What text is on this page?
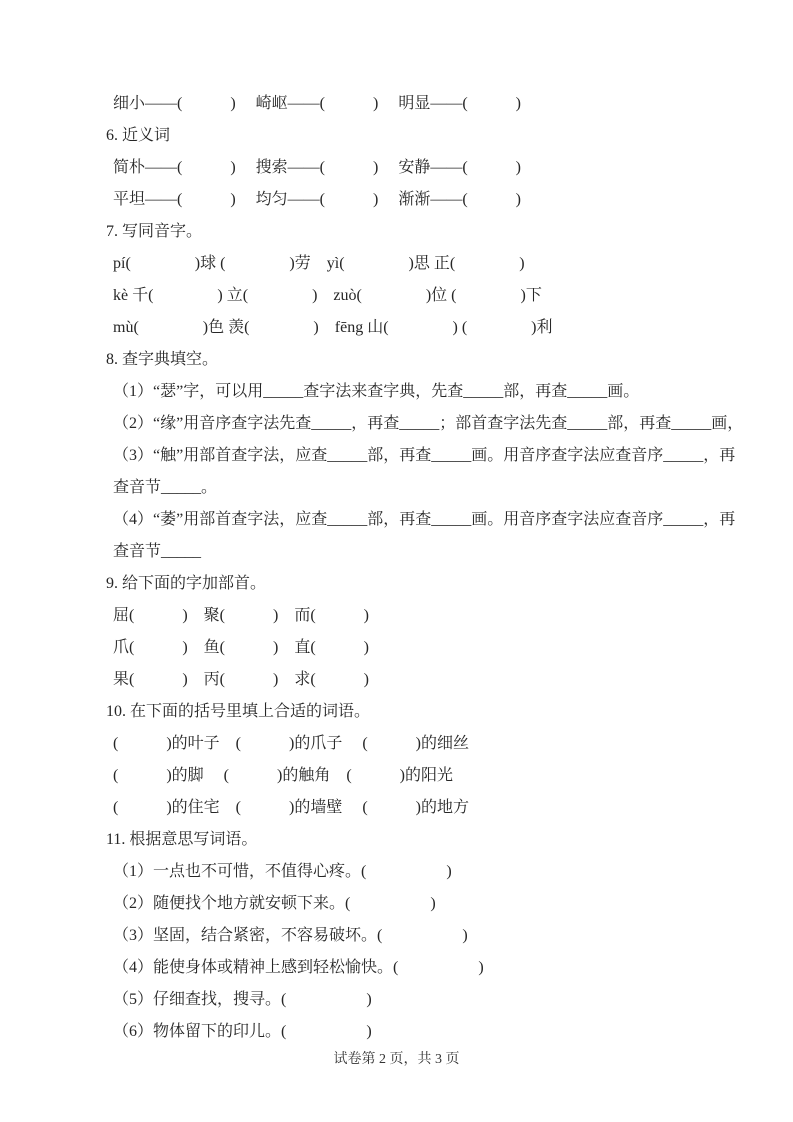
细小——(　　　)　 崎岖——(　　　)　 明显——(　　　)

6. 近义词

简朴——(　　　)　 搜索——(　　　)　 安静——(　　　)

平坦——(　　　)　 均匀——(　　　)　 渐渐——(　　　)

7. 写同音字。

pí(　　　　)球 (　　　　)劳　yì(　　　　)思 正(　　　　)

kè 千(　　　　) 立(　　　　)　zuò(　　　　)位 (　　　　)下

mù(　　　　)色 羡(　　　　)　fēng 山(　　　　) (　　　　)利

8. 查字典填空。

（1）“瑟”字，可以用_____查字法来查字典，先查_____部，再查_____画。

（2）“缘”用音序查字法先查_____，再查_____；部首查字法先查_____部，再查_____画，

（3）“触”用部首查字法，应查_____部，再查_____画。用音序查字法应查音序_____，再

查音节_____。

（4）“萎”用部首查字法，应查_____部，再查_____画。用音序查字法应查音序_____，再

查音节_____

9. 给下面的字加部首。

屈(　　　)　聚(　　　)　而(　　　)

爪(　　　)　鱼(　　　)　直(　　　)

果(　　　)　丙(　　　)　求(　　　)

10. 在下面的括号里填上合适的词语。

(　　　)的叶子　(　　　)的爪子　 (　　　)的细丝

(　　　)的脚　 (　　　)的触角　(　　　)的阳光

(　　　)的住宅　(　　　)的墙壁　 (　　　)的地方

11. 根据意思写词语。

（1）一点也不可惜，不值得心疼。(　　　　　)

（2）随便找个地方就安顿下来。(　　　　　)

（3）坚固，结合紧密，不容易破坏。(　　　　　)

（4）能使身体或精神上感到轻松愉快。(　　　　　)

（5）仔细查找，搜寻。(　　　　　)

（6）物体留下的印儿。(　　　　　)

试卷第 2 页，共 3 页
